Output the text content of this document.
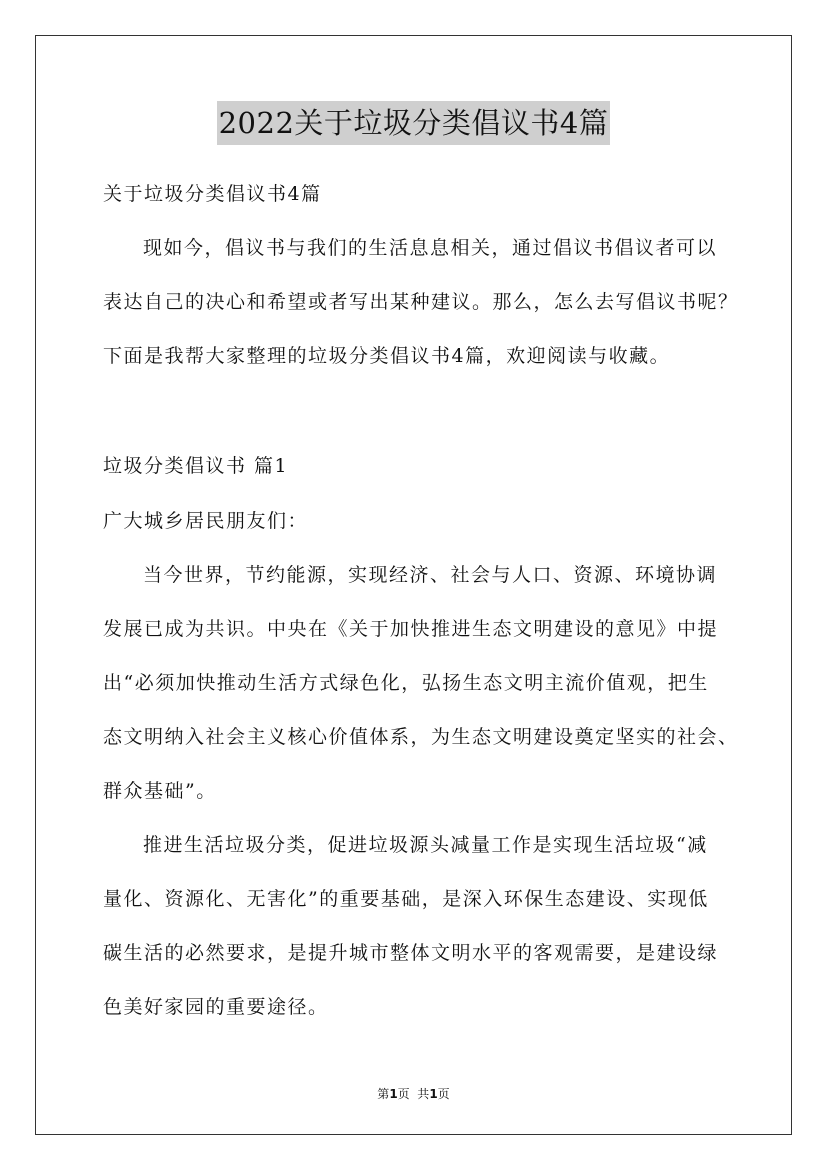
2022关于垃圾分类倡议书4篇
关于垃圾分类倡议书4篇
现如今，倡议书与我们的生活息息相关，通过倡议书倡议者可以
表达自己的决心和希望或者写出某种建议。那么，怎么去写倡议书呢？
下面是我帮大家整理的垃圾分类倡议书4篇，欢迎阅读与收藏。
垃圾分类倡议书 篇1
广大城乡居民朋友们：
当今世界，节约能源，实现经济、社会与人口、资源、环境协调
发展已成为共识。中央在《关于加快推进生态文明建设的意见》中提
出“必须加快推动生活方式绿色化，弘扬生态文明主流价值观，把生
态文明纳入社会主义核心价值体系，为生态文明建设奠定坚实的社会、
群众基础”。
推进生活垃圾分类，促进垃圾源头减量工作是实现生活垃圾“减
量化、资源化、无害化”的重要基础，是深入环保生态建设、实现低
碳生活的必然要求，是提升城市整体文明水平的客观需要，是建设绿
色美好家园的重要途径。
第1页  共1页
